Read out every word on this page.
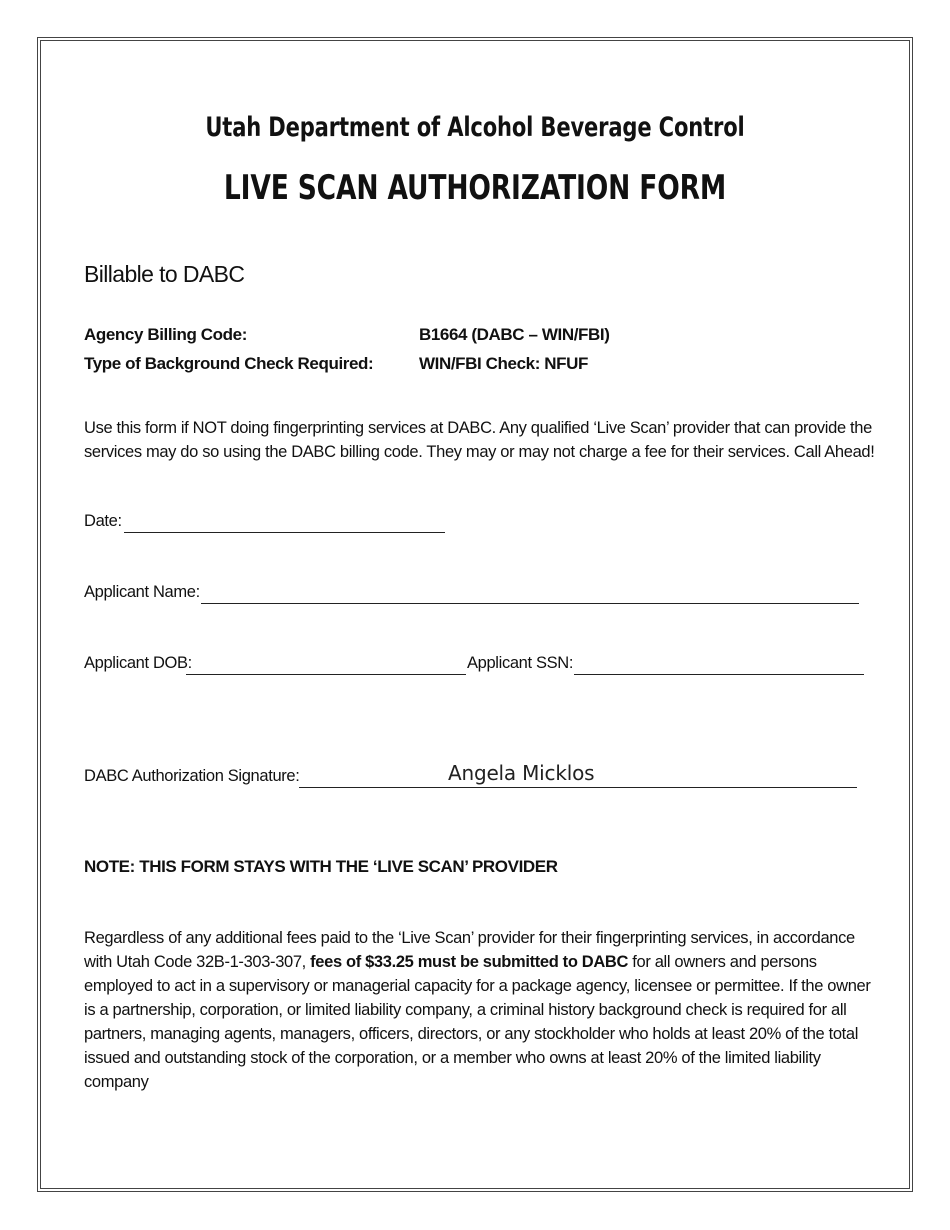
Utah Department of Alcohol Beverage Control
LIVE SCAN AUTHORIZATION FORM
Billable to DABC
Agency Billing Code:	B1664 (DABC – WIN/FBI)
Type of Background Check Required:	WIN/FBI Check: NFUF
Use this form if NOT doing fingerprinting services at DABC. Any qualified ‘Live Scan’ provider that can provide the services may do so using the DABC billing code. They may or may not charge a fee for their services. Call Ahead!
Date:
Applicant Name:
Applicant DOB:	Applicant SSN:
DABC Authorization Signature:	Angela Micklos
NOTE: THIS FORM STAYS WITH THE ‘LIVE SCAN’ PROVIDER
Regardless of any additional fees paid to the ‘Live Scan’ provider for their fingerprinting services, in accordance with Utah Code 32B-1-303-307, fees of $33.25 must be submitted to DABC for all owners and persons employed to act in a supervisory or managerial capacity for a package agency, licensee or permittee. If the owner is a partnership, corporation, or limited liability company, a criminal history background check is required for all partners, managing agents, managers, officers, directors, or any stockholder who holds at least 20% of the total issued and outstanding stock of the corporation, or a member who owns at least 20% of the limited liability company
